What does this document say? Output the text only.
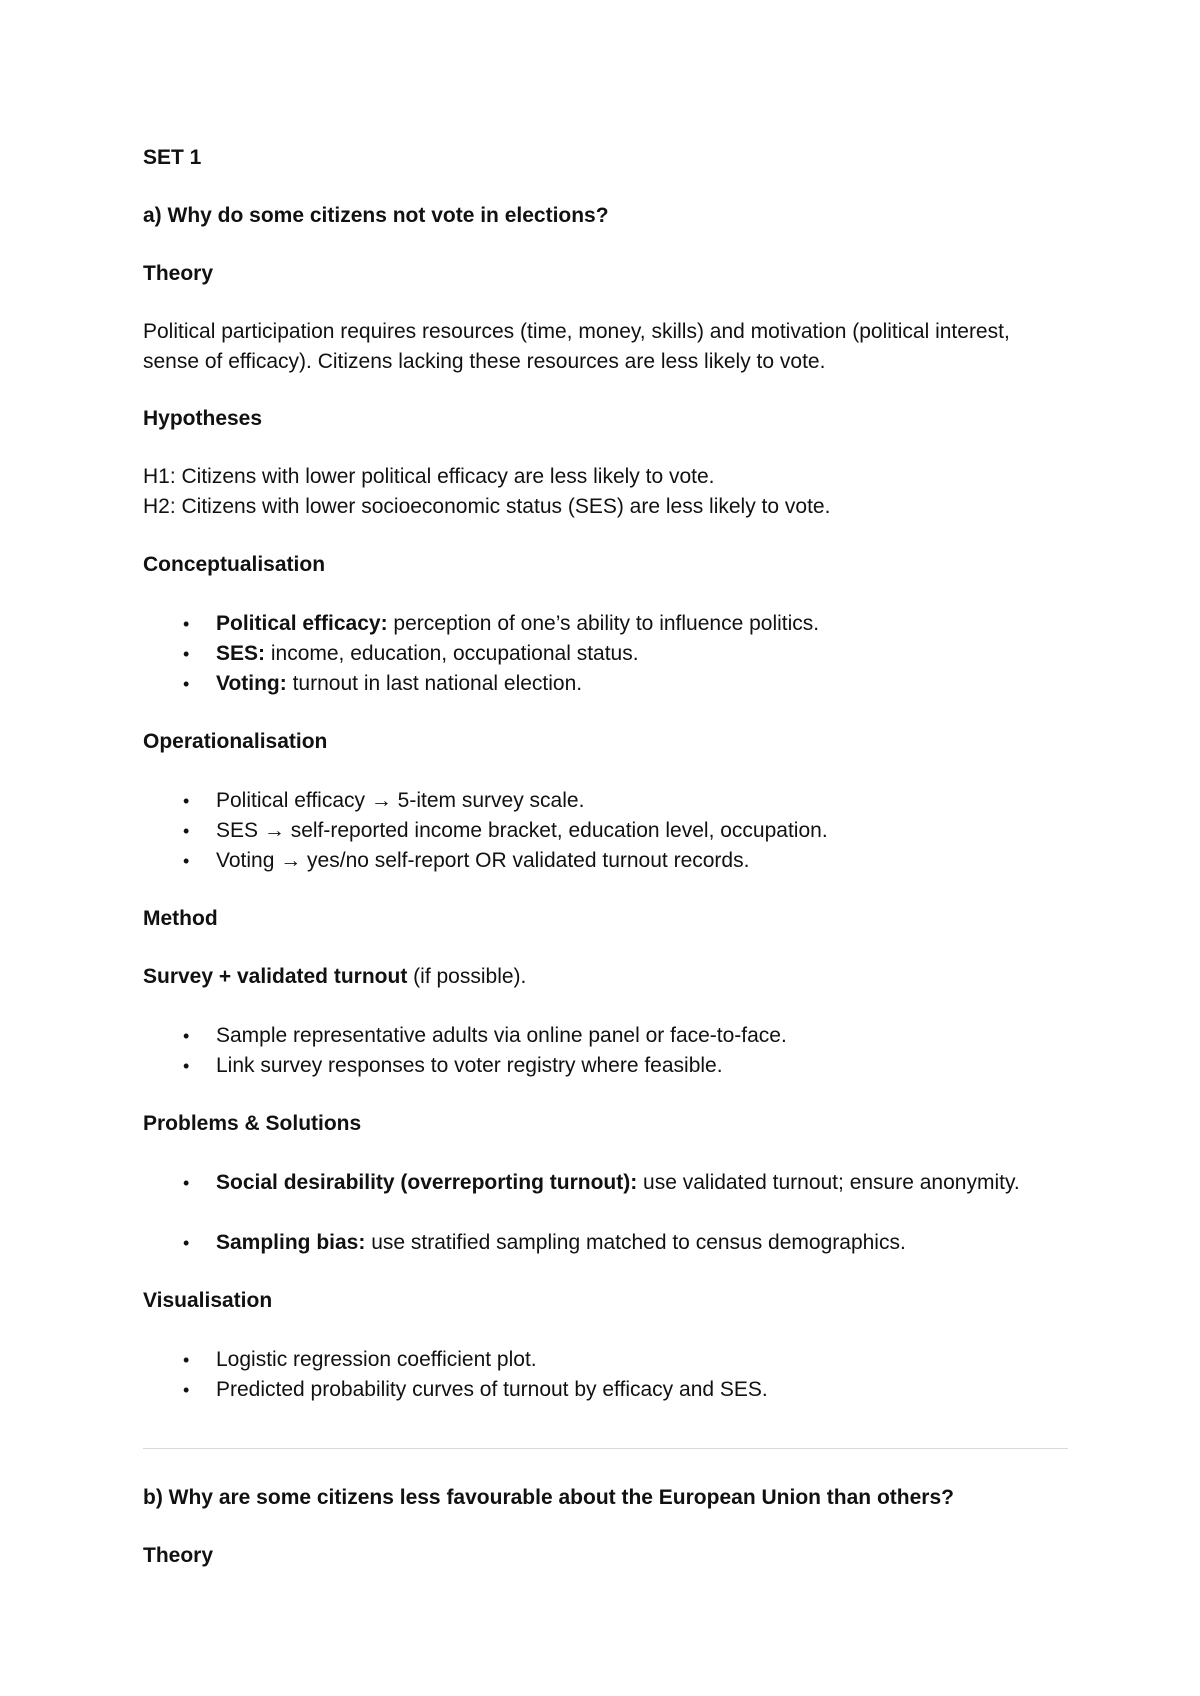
SET 1
a) Why do some citizens not vote in elections?
Theory
Political participation requires resources (time, money, skills) and motivation (political interest, sense of efficacy). Citizens lacking these resources are less likely to vote.
Hypotheses
H1: Citizens with lower political efficacy are less likely to vote.
H2: Citizens with lower socioeconomic status (SES) are less likely to vote.
Conceptualisation
• Political efficacy: perception of one’s ability to influence politics.
• SES: income, education, occupational status.
• Voting: turnout in last national election.
Operationalisation
• Political efficacy → 5-item survey scale.
• SES → self-reported income bracket, education level, occupation.
• Voting → yes/no self-report OR validated turnout records.
Method
Survey + validated turnout (if possible).
• Sample representative adults via online panel or face-to-face.
• Link survey responses to voter registry where feasible.
Problems & Solutions
• Social desirability (overreporting turnout): use validated turnout; ensure anonymity.
• Sampling bias: use stratified sampling matched to census demographics.
Visualisation
• Logistic regression coefficient plot.
• Predicted probability curves of turnout by efficacy and SES.
b) Why are some citizens less favourable about the European Union than others?
Theory
